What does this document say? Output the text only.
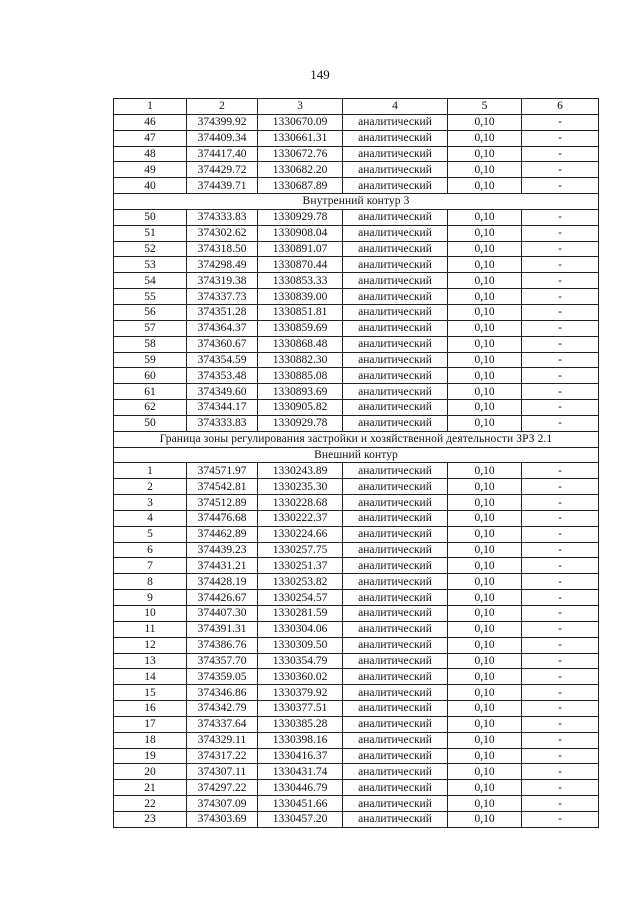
149
1	2	3	4	5	6
46	374399.92	1330670.09	аналитический	0,10	-
47	374409.34	1330661.31	аналитический	0,10	-
48	374417.40	1330672.76	аналитический	0,10	-
49	374429.72	1330682.20	аналитический	0,10	-
40	374439.71	1330687.89	аналитический	0,10	-
Внутренний контур 3					
50	374333.83	1330929.78	аналитический	0,10	-
51	374302.62	1330908.04	аналитический	0,10	-
52	374318.50	1330891.07	аналитический	0,10	-
53	374298.49	1330870.44	аналитический	0,10	-
54	374319.38	1330853.33	аналитический	0,10	-
55	374337.73	1330839.00	аналитический	0,10	-
56	374351.28	1330851.81	аналитический	0,10	-
57	374364.37	1330859.69	аналитический	0,10	-
58	374360.67	1330868.48	аналитический	0,10	-
59	374354.59	1330882.30	аналитический	0,10	-
60	374353.48	1330885.08	аналитический	0,10	-
61	374349.60	1330893.69	аналитический	0,10	-
62	374344.17	1330905.82	аналитический	0,10	-
50	374333.83	1330929.78	аналитический	0,10	-
Граница зоны регулирования застройки и хозяйственной деятельности ЗРЗ 2.1					
Внешний контур					
1	374571.97	1330243.89	аналитический	0,10	-
2	374542.81	1330235.30	аналитический	0,10	-
3	374512.89	1330228.68	аналитический	0,10	-
4	374476.68	1330222.37	аналитический	0,10	-
5	374462.89	1330224.66	аналитический	0,10	-
6	374439.23	1330257.75	аналитический	0,10	-
7	374431.21	1330251.37	аналитический	0,10	-
8	374428.19	1330253.82	аналитический	0,10	-
9	374426.67	1330254.57	аналитический	0,10	-
10	374407.30	1330281.59	аналитический	0,10	-
11	374391.31	1330304.06	аналитический	0,10	-
12	374386.76	1330309.50	аналитический	0,10	-
13	374357.70	1330354.79	аналитический	0,10	-
14	374359.05	1330360.02	аналитический	0,10	-
15	374346.86	1330379.92	аналитический	0,10	-
16	374342.79	1330377.51	аналитический	0,10	-
17	374337.64	1330385.28	аналитический	0,10	-
18	374329.11	1330398.16	аналитический	0,10	-
19	374317.22	1330416.37	аналитический	0,10	-
20	374307.11	1330431.74	аналитический	0,10	-
21	374297.22	1330446.79	аналитический	0,10	-
22	374307.09	1330451.66	аналитический	0,10	-
23	374303.69	1330457.20	аналитический	0,10	-
